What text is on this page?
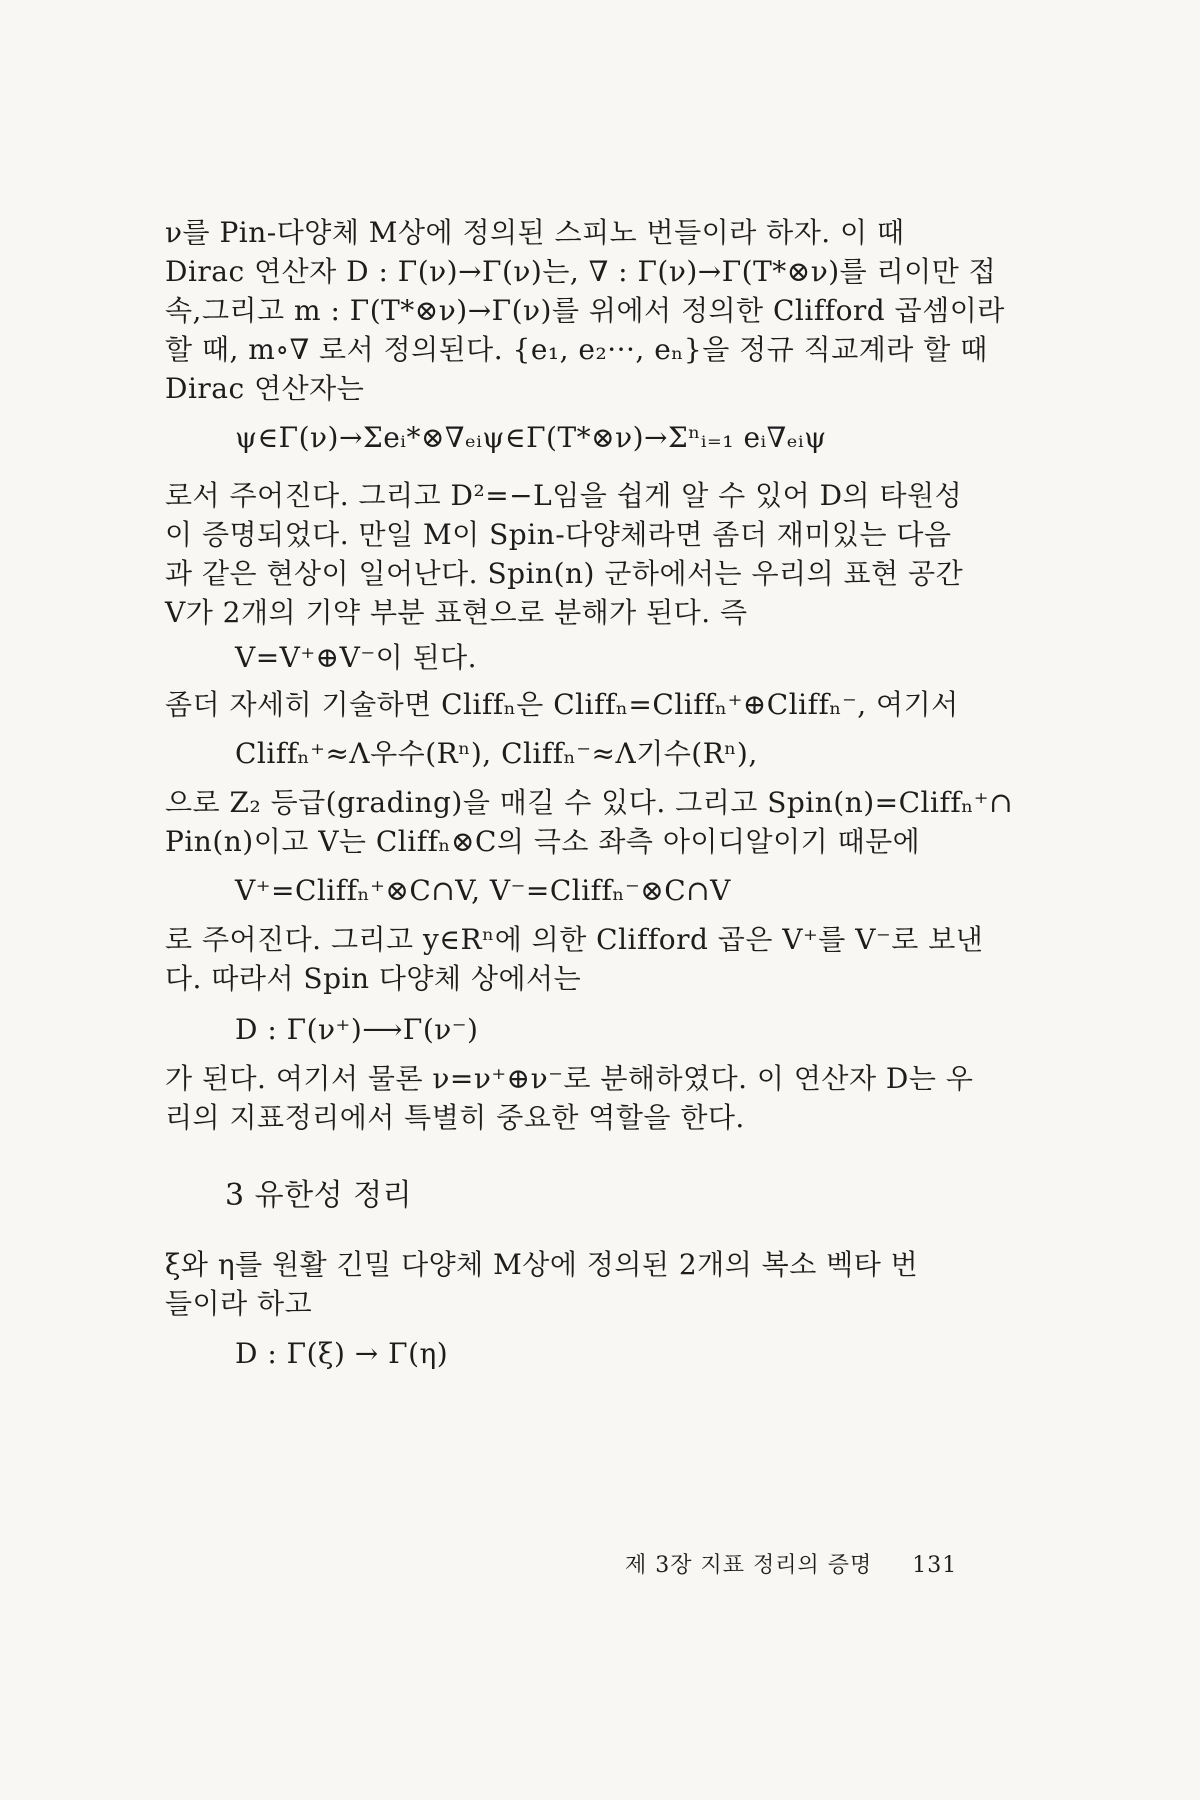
ν를 Pin-다양체 M상에 정의된 스피노 번들이라 하자. 이 때
Dirac 연산자 D : Γ(ν)→Γ(ν)는, ∇ : Γ(ν)→Γ(T*⊗ν)를 리이만 접
속,그리고 m : Γ(T*⊗ν)→Γ(ν)를 위에서 정의한 Clifford 곱셈이라
할 때, m∘∇ 로서 정의된다. {e₁, e₂···, eₙ}을 정규 직교계라 할 때
Dirac 연산자는
ψ∈Γ(ν)→Σeᵢ*⊗∇ₑᵢψ∈Γ(T*⊗ν)→Σⁿᵢ₌₁ eᵢ∇ₑᵢψ
로서 주어진다. 그리고 D²=−L임을 쉽게 알 수 있어 D의 타원성
이 증명되었다. 만일 M이 Spin-다양체라면 좀더 재미있는 다음
과 같은 현상이 일어난다. Spin(n) 군하에서는 우리의 표현 공간
V가 2개의 기약 부분 표현으로 분해가 된다. 즉
V=V⁺⊕V⁻이 된다.
좀더 자세히 기술하면 Cliffₙ은 Cliffₙ=Cliffₙ⁺⊕Cliffₙ⁻, 여기서
Cliffₙ⁺≈Λ우수(Rⁿ), Cliffₙ⁻≈Λ기수(Rⁿ),
으로 Z₂ 등급(grading)을 매길 수 있다. 그리고 Spin(n)=Cliffₙ⁺∩
Pin(n)이고 V는 Cliffₙ⊗C의 극소 좌측 아이디알이기 때문에
V⁺=Cliffₙ⁺⊗C∩V, V⁻=Cliffₙ⁻⊗C∩V
로 주어진다. 그리고 y∈Rⁿ에 의한 Clifford 곱은 V⁺를 V⁻로 보낸
다. 따라서 Spin 다양체 상에서는
D : Γ(ν⁺)⟶Γ(ν⁻)
가 된다. 여기서 물론 ν=ν⁺⊕ν⁻로 분해하였다. 이 연산자 D는 우
리의 지표정리에서 특별히 중요한 역할을 한다.
3 유한성 정리
ξ와 η를 원활 긴밀 다양체 M상에 정의된 2개의 복소 벡타 번
들이라 하고
D : Γ(ξ) → Γ(η)
제 3장 지표 정리의 증명 131
